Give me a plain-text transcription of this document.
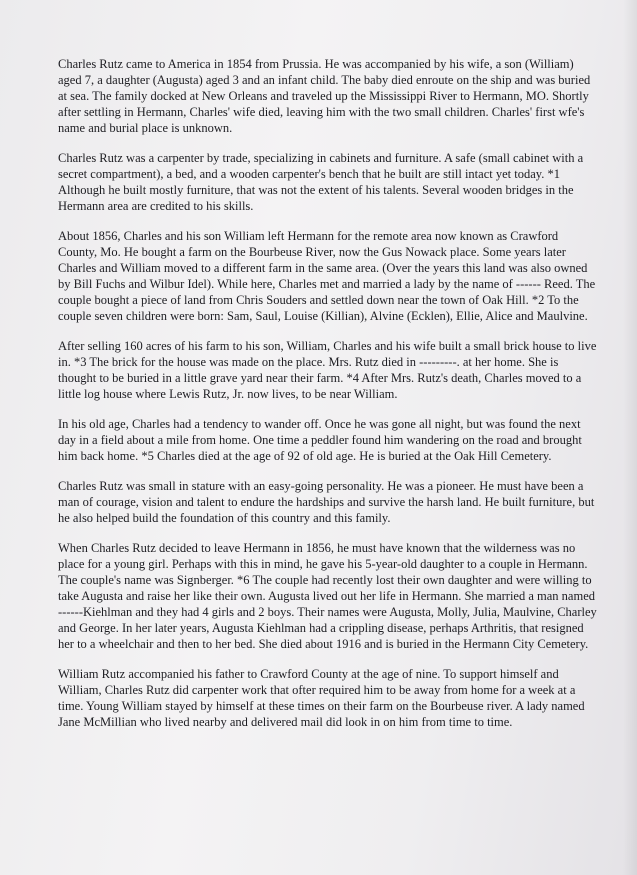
Charles Rutz came to America in 1854 from Prussia. He was accompanied by his wife, a son (William) aged 7, a daughter (Augusta) aged 3 and an infant child. The baby died enroute on the ship and was buried at sea. The family docked at New Orleans and traveled up the Mississippi River to Hermann, MO. Shortly after settling in Hermann, Charles' wife died, leaving him with the two small children. Charles' first wfe's name and burial place is unknown.

Charles Rutz was a carpenter by trade, specializing in cabinets and furniture. A safe (small cabinet with a secret compartment), a bed, and a wooden carpenter's bench that he built are still intact yet today. *1 Although he built mostly furniture, that was not the extent of his talents. Several wooden bridges in the Hermann area are credited to his skills.

About 1856, Charles and his son William left Hermann for the remote area now known as Crawford County, Mo. He bought a farm on the Bourbeuse River, now the Gus Nowack place. Some years later Charles and William moved to a different farm in the same area. (Over the years this land was also owned by Bill Fuchs and Wilbur Idel). While here, Charles met and married a lady by the name of ------ Reed. The couple bought a piece of land from Chris Souders and settled down near the town of Oak Hill. *2 To the couple seven children were born: Sam, Saul, Louise (Killian), Alvine (Ecklen), Ellie, Alice and Maulvine.

After selling 160 acres of his farm to his son, William, Charles and his wife built a small brick house to live in. *3 The brick for the house was made on the place. Mrs. Rutz died in ---------. at her home. She is thought to be buried in a little grave yard near their farm. *4 After Mrs. Rutz's death, Charles moved to a little log house where Lewis Rutz, Jr. now lives, to be near William.

In his old age, Charles had a tendency to wander off. Once he was gone all night, but was found the next day in a field about a mile from home. One time a peddler found him wandering on the road and brought him back home. *5 Charles died at the age of 92 of old age. He is buried at the Oak Hill Cemetery.

Charles Rutz was small in stature with an easy-going personality. He was a pioneer. He must have been a man of courage, vision and talent to endure the hardships and survive the harsh land. He built furniture, but he also helped build the foundation of this country and this family.

When Charles Rutz decided to leave Hermann in 1856, he must have known that the wilderness was no place for a young girl. Perhaps with this in mind, he gave his 5-year-old daughter to a couple in Hermann. The couple's name was Signberger. *6 The couple had recently lost their own daughter and were willing to take Augusta and raise her like their own. Augusta lived out her life in Hermann. She married a man named ------Kiehlman and they had 4 girls and 2 boys. Their names were Augusta, Molly, Julia, Maulvine, Charley and George. In her later years, Augusta Kiehlman had a crippling disease, perhaps Arthritis, that resigned her to a wheelchair and then to her bed. She died about 1916 and is buried in the Hermann City Cemetery.

William Rutz accompanied his father to Crawford County at the age of nine. To support himself and William, Charles Rutz did carpenter work that ofter required him to be away from home for a week at a time. Young William stayed by himself at these times on their farm on the Bourbeuse river. A lady named Jane McMillian who lived nearby and delivered mail did look in on him from time to time.
